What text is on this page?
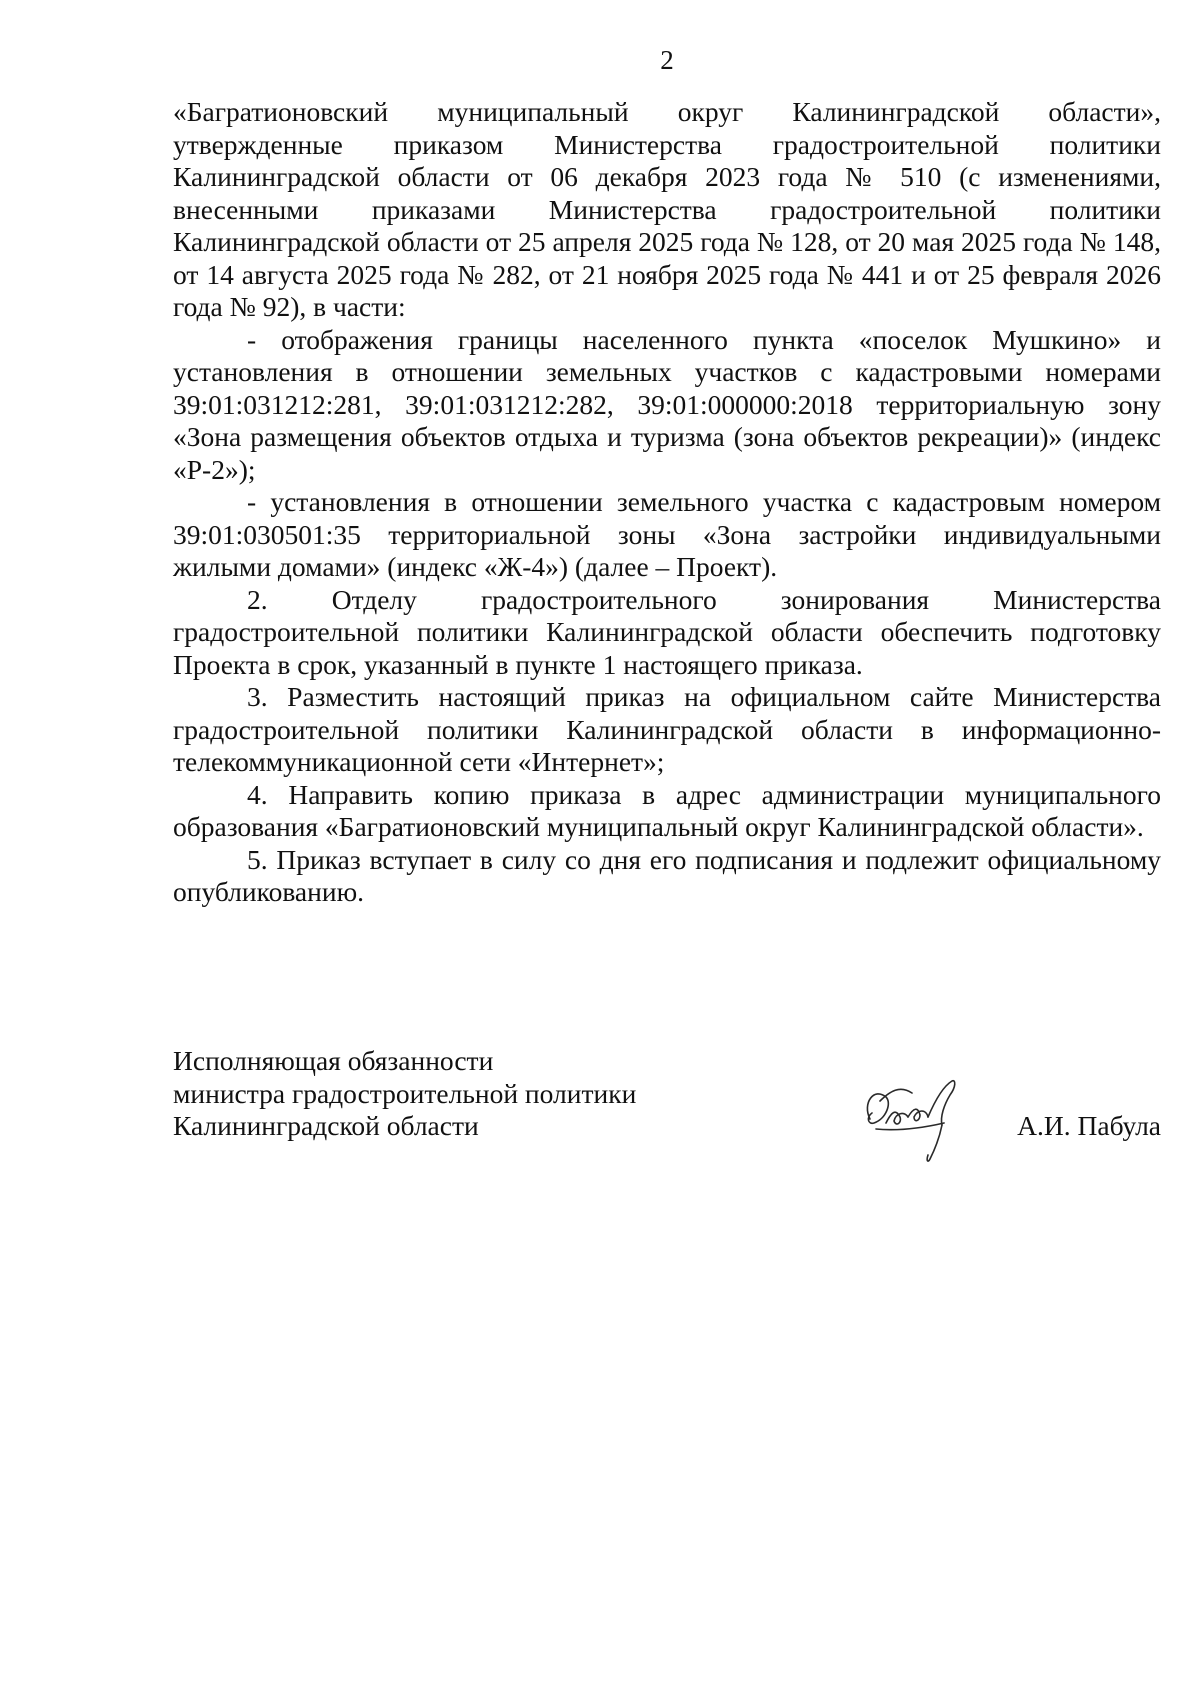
2

«Багратионовский муниципальный округ Калининградской области», утвержденные приказом Министерства градостроительной политики Калининградской области от 06 декабря 2023 года № 510 (с изменениями, внесенными приказами Министерства градостроительной политики Калининградской области от 25 апреля 2025 года № 128, от 20 мая 2025 года № 148, от 14 августа 2025 года № 282, от 21 ноября 2025 года № 441 и от 25 февраля 2026 года № 92), в части:

- отображения границы населенного пункта «поселок Мушкино» и установления в отношении земельных участков с кадастровыми номерами 39:01:031212:281, 39:01:031212:282, 39:01:000000:2018 территориальную зону «Зона размещения объектов отдыха и туризма (зона объектов рекреации)» (индекс «Р-2»);

- установления в отношении земельного участка с кадастровым номером 39:01:030501:35 территориальной зоны «Зона застройки индивидуальными жилыми домами» (индекс «Ж-4») (далее – Проект).

2. Отделу градостроительного зонирования Министерства градостроительной политики Калининградской области обеспечить подготовку Проекта в срок, указанный в пункте 1 настоящего приказа.

3. Разместить настоящий приказ на официальном сайте Министерства градостроительной политики Калининградской области в информационно-телекоммуникационной сети «Интернет»;

4. Направить копию приказа в адрес администрации муниципального образования «Багратионовский муниципальный округ Калининградской области».

5. Приказ вступает в силу со дня его подписания и подлежит официальному опубликованию.

Исполняющая обязанности
министра градостроительной политики
Калининградской области	А.И. Пабула
